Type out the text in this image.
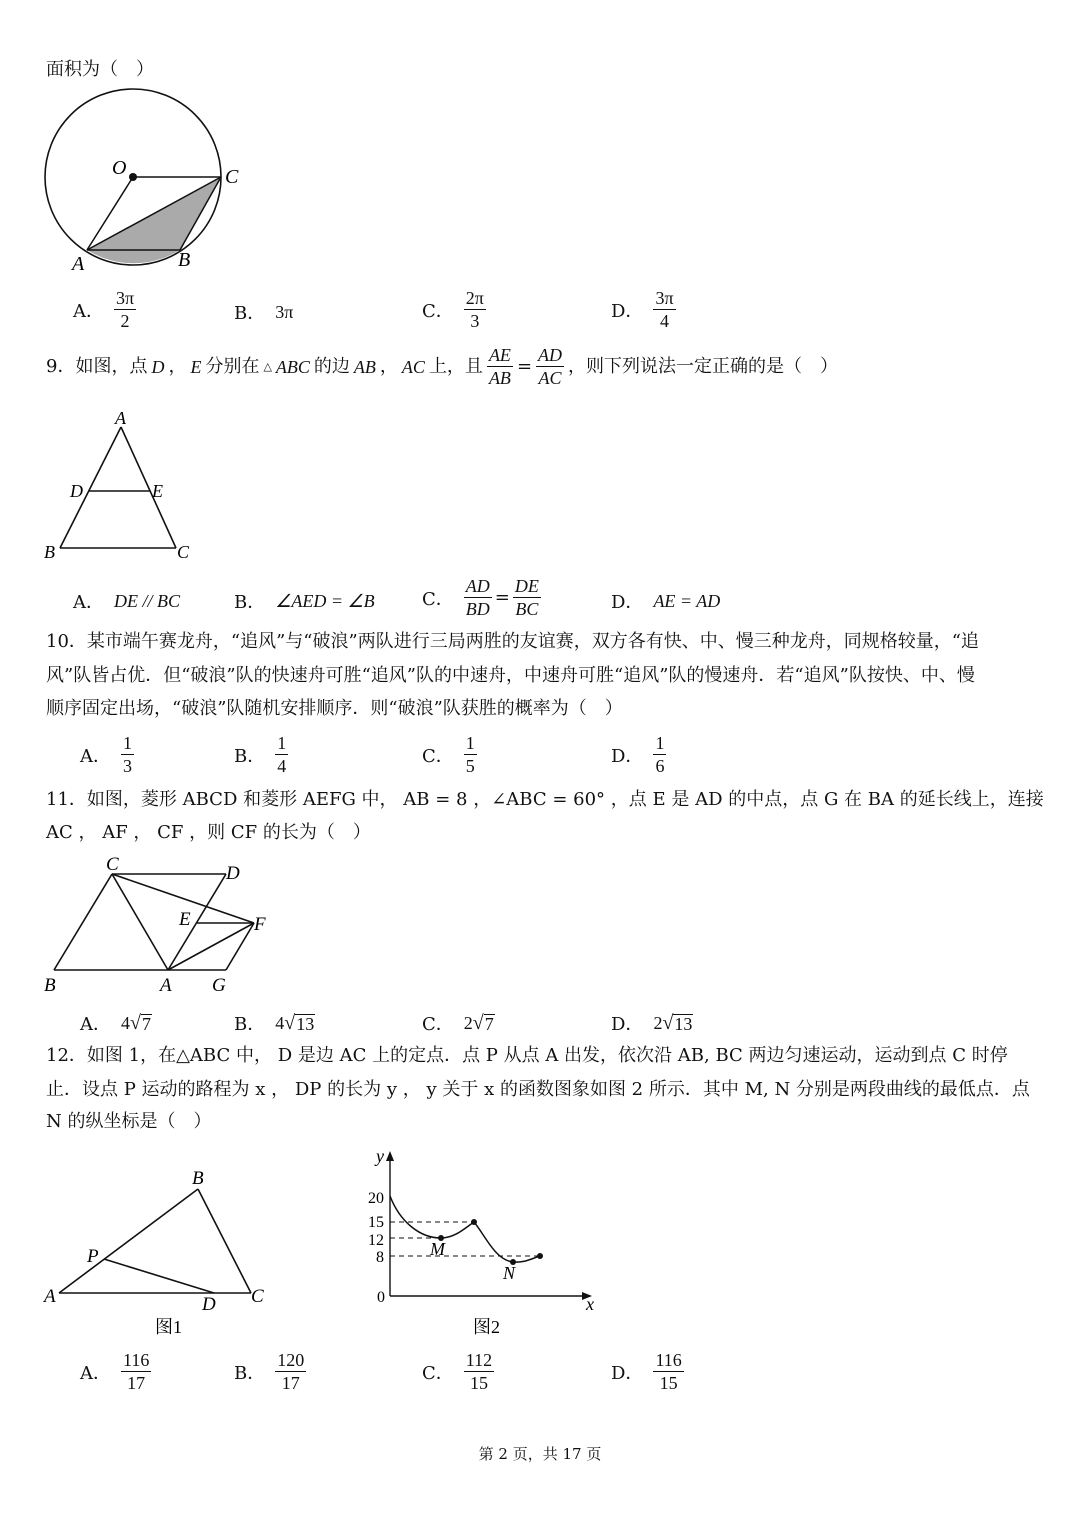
面积为（　）
O	C
A	B
A． $\frac{3\pi}{2}$	B． 3π	C． $\frac{2\pi}{3}$	D． $\frac{3\pi}{4}$
9．如图，点 D ， E 分别在 △ ABC 的边 AB ， AC 上，且 $\frac{AE}{AB} = \frac{AD}{AC}$ ，则下列说法一定正确的是（　）
A
D	E
B	C
A． DE // BC	B． ∠AED = ∠B	C． $\frac{AD}{BD} = \frac{DE}{BC}$	D． AE = AD
10．某市端午赛龙舟，“追风”与“破浪”两队进行三局两胜的友谊赛，双方各有快、中、慢三种龙舟，同规格较量，“追
风”队皆占优．但“破浪”队的快速舟可胜“追风”队的中速舟，中速舟可胜“追风”队的慢速舟．若“追风”队按快、中、慢
顺序固定出场，“破浪”队随机安排顺序．则“破浪”队获胜的概率为（　）
A． $\frac{1}{3}$	B． $\frac{1}{4}$	C． $\frac{1}{5}$	D． $\frac{1}{6}$
11．如图，菱形 ABCD 和菱形 AEFG 中， AB = 8 ，∠ABC = 60° ，点 E 是 AD 的中点，点 G 在 BA 的延长线上，连接
AC ， AF ， CF ，则 CF 的长为（　）
C	D
E	F
B	A G
A． 4 √ 7	B． 4 √ 13	C． 2 √ 7	D． 2 √ 13
12．如图 1，在△ABC 中， D 是边 AC 上的定点．点 P 从点 A 出发，依次沿 AB, BC 两边匀速运动，运动到点 C 时停
止．设点 P 运动的路程为 x ， DP 的长为 y ， y 关于 x 的函数图象如图 2 所示．其中 M, N 分别是两段曲线的最低点．点
N 的纵坐标是（　）
B
P
A	D C
图1
y
x
0
20
15
12
8	M
N
图2
A． $\frac{116}{17}$	B． $\frac{120}{17}$	C． $\frac{112}{15}$	D． $\frac{116}{15}$
第 2 页，共 17 页
